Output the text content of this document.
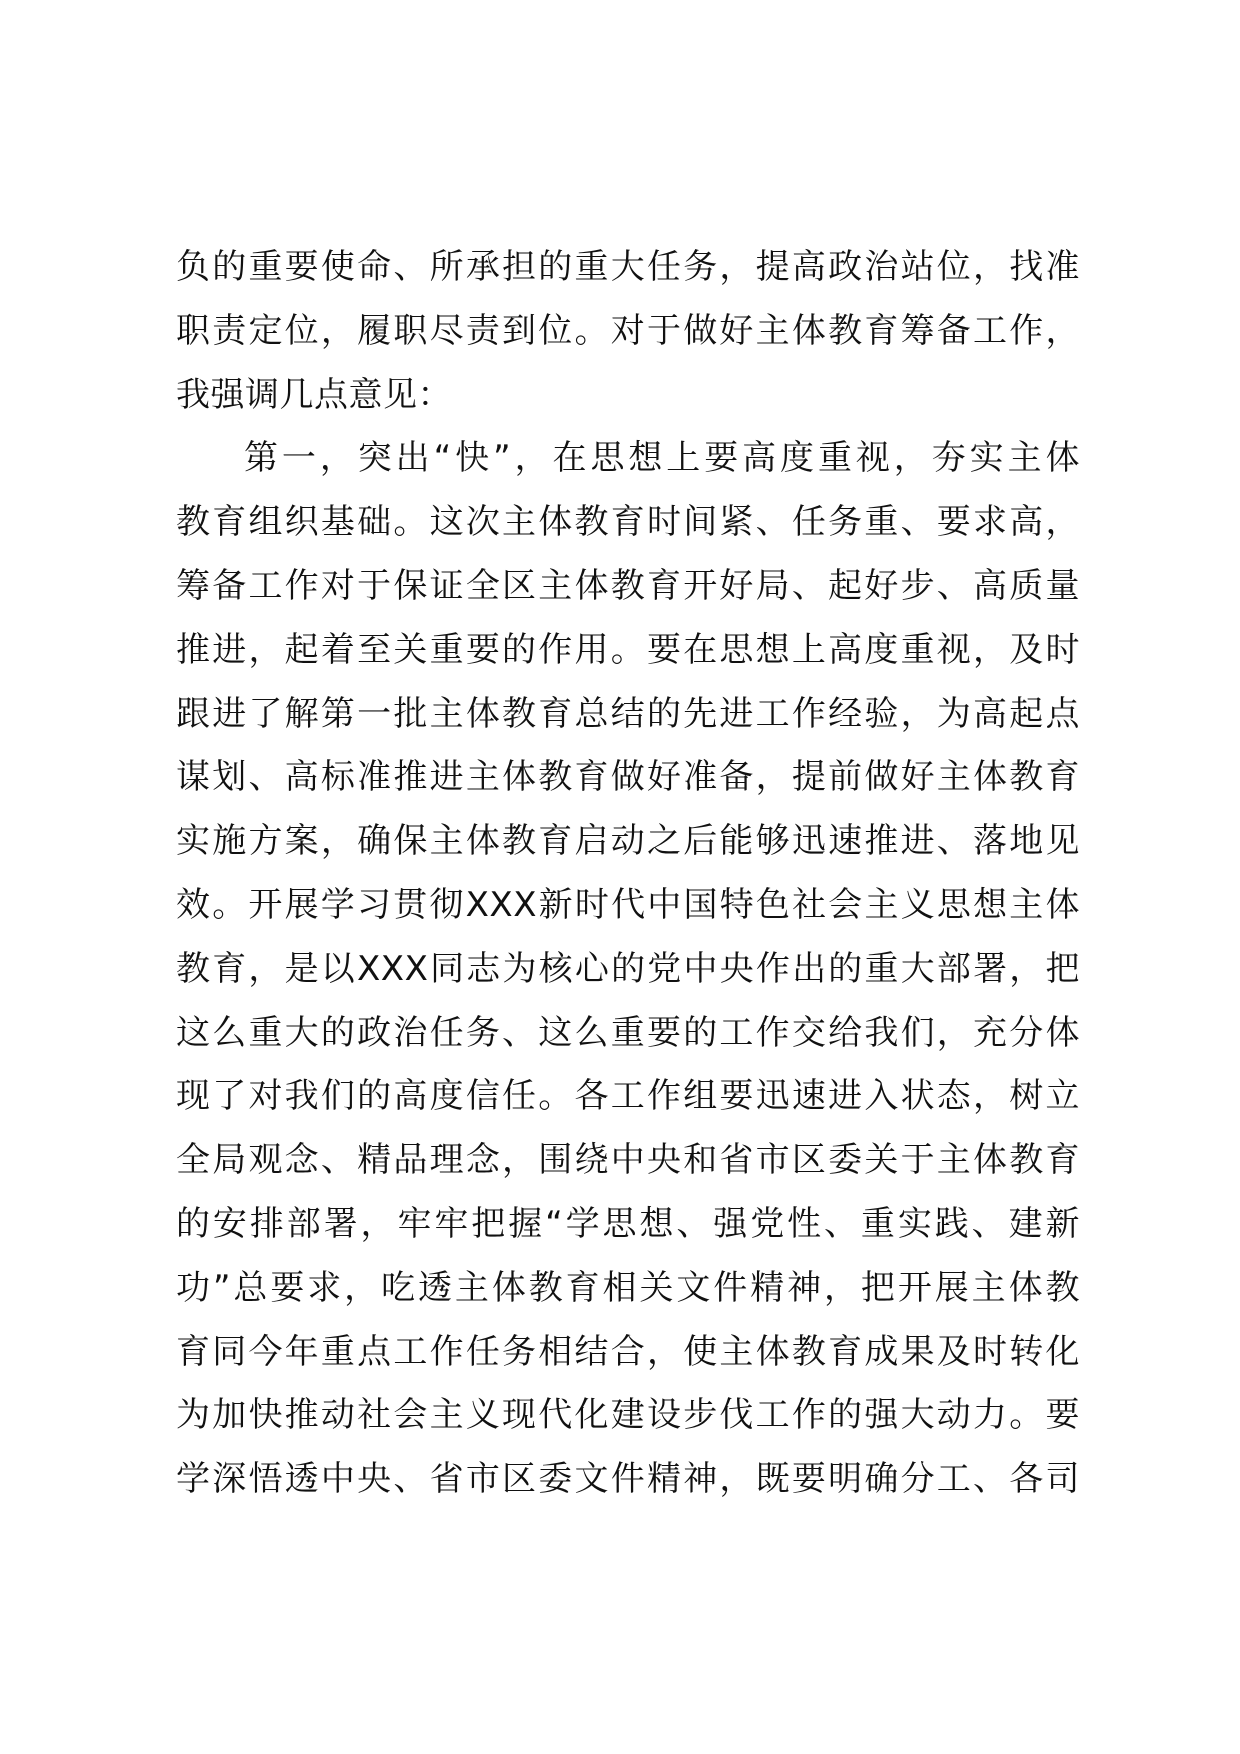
负的重要使命、所承担的重大任务，提高政治站位，找准
职责定位，履职尽责到位。对于做好主体教育筹备工作，
我强调几点意见：
第一，突出“快”，在思想上要高度重视，夯实主体
教育组织基础。这次主体教育时间紧、任务重、要求高，
筹备工作对于保证全区主体教育开好局、起好步、高质量
推进，起着至关重要的作用。要在思想上高度重视，及时
跟进了解第一批主体教育总结的先进工作经验，为高起点
谋划、高标准推进主体教育做好准备，提前做好主体教育
实施方案，确保主体教育启动之后能够迅速推进、落地见
效。开展学习贯彻XXX新时代中国特色社会主义思想主体
教育，是以XXX同志为核心的党中央作出的重大部署，把
这么重大的政治任务、这么重要的工作交给我们，充分体
现了对我们的高度信任。各工作组要迅速进入状态，树立
全局观念、精品理念，围绕中央和省市区委关于主体教育
的安排部署，牢牢把握“学思想、强党性、重实践、建新
功”总要求，吃透主体教育相关文件精神，把开展主体教
育同今年重点工作任务相结合，使主体教育成果及时转化
为加快推动社会主义现代化建设步伐工作的强大动力。要
学深悟透中央、省市区委文件精神，既要明确分工、各司
